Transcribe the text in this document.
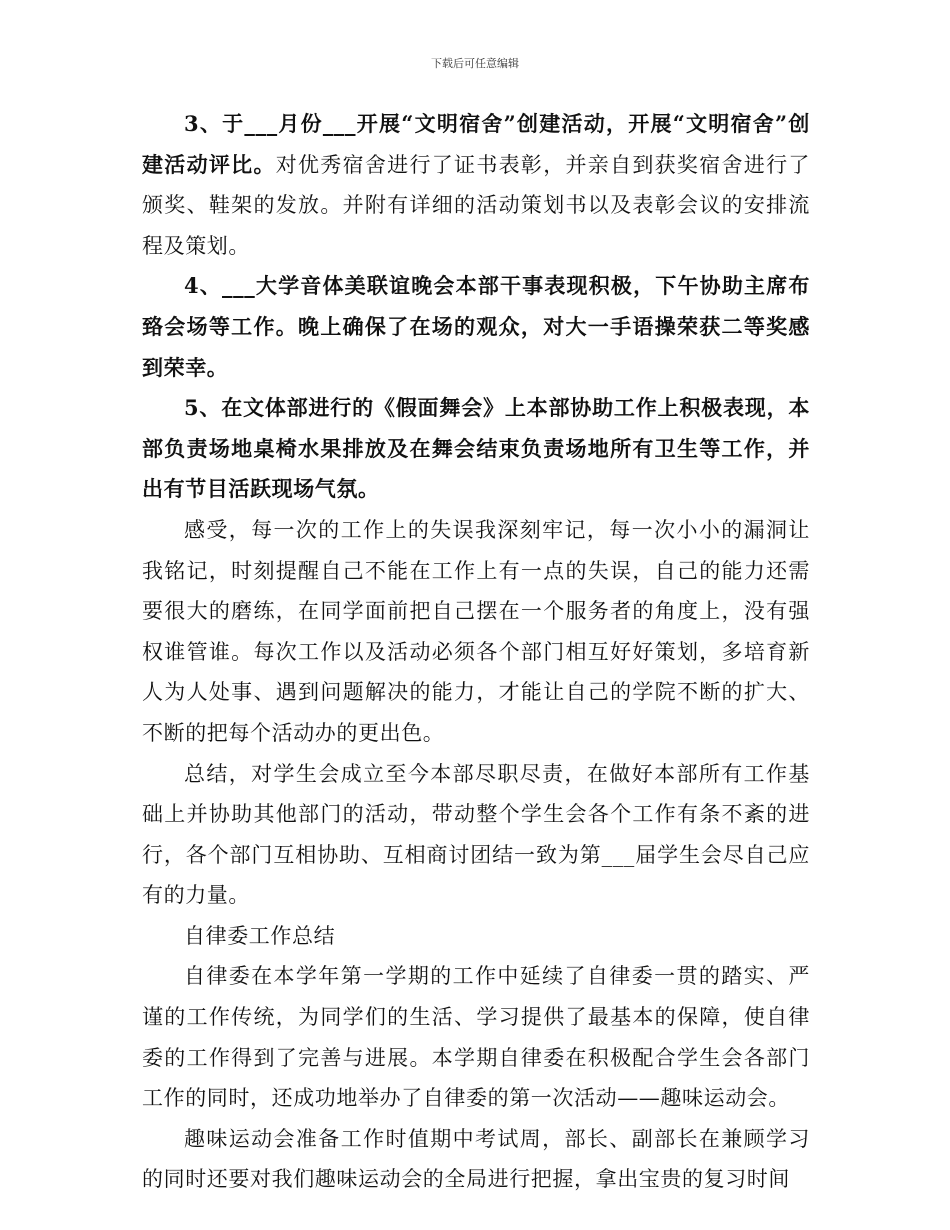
下载后可任意编辑

3、于___月份___开展“文明宿舍”创建活动，开展“文明宿舍”创建活动评比。对优秀宿舍进行了证书表彰，并亲自到获奖宿舍进行了颁奖、鞋架的发放。并附有详细的活动策划书以及表彰会议的安排流程及策划。

4、___大学音体美联谊晚会本部干事表现积极，下午协助主席布臵会场等工作。晚上确保了在场的观众，对大一手语操荣获二等奖感到荣幸。

5、在文体部进行的《假面舞会》上本部协助工作上积极表现，本部负责场地桌椅水果排放及在舞会结束负责场地所有卫生等工作，并出有节目活跃现场气氛。

感受，每一次的工作上的失误我深刻牢记，每一次小小的漏洞让我铭记，时刻提醒自己不能在工作上有一点的失误，自己的能力还需要很大的磨练，在同学面前把自己摆在一个服务者的角度上，没有强权谁管谁。每次工作以及活动必须各个部门相互好好策划，多培育新人为人处事、遇到问题解决的能力，才能让自己的学院不断的扩大、不断的把每个活动办的更出色。

总结，对学生会成立至今本部尽职尽责，在做好本部所有工作基础上并协助其他部门的活动，带动整个学生会各个工作有条不紊的进行，各个部门互相协助、互相商讨团结一致为第___届学生会尽自己应有的力量。

自律委工作总结

自律委在本学年第一学期的工作中延续了自律委一贯的踏实、严谨的工作传统，为同学们的生活、学习提供了最基本的保障，使自律委的工作得到了完善与进展。本学期自律委在积极配合学生会各部门工作的同时，还成功地举办了自律委的第一次活动——趣味运动会。

趣味运动会准备工作时值期中考试周，部长、副部长在兼顾学习的同时还要对我们趣味运动会的全局进行把握，拿出宝贵的复习时间
